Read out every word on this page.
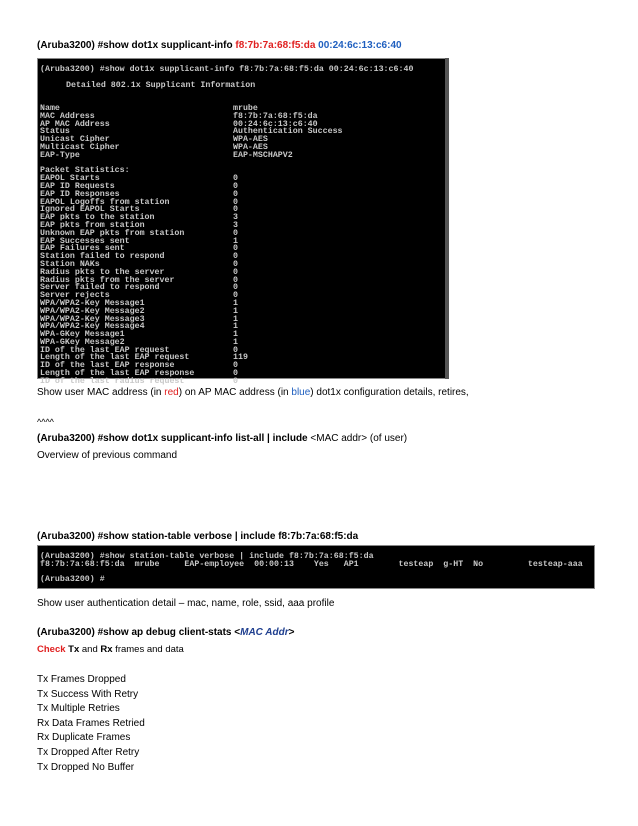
(Aruba3200) #show dot1x supplicant-info f8:7b:7a:68:f5:da 00:24:6c:13:c6:40
(Aruba3200) #show dot1x supplicant-info f8:7b:7a:68:f5:da 00:24:6c:13:c6:40

Detailed 802.1x Supplicant Information

Name	mrube
MAC Address	f8:7b:7a:68:f5:da
AP MAC Address	00:24:6c:13:c6:40
Status	Authentication Success
Unicast Cipher	WPA-AES
Multicast Cipher	WPA-AES
EAP-Type	EAP-MSCHAPV2

Packet Statistics:
EAPOL Starts	0
EAP ID Requests	0
EAP ID Responses	0
EAPOL Logoffs from station	0
Ignored EAPOL Starts	0
EAP pkts to the station	3
EAP pkts from station	3
Unknown EAP pkts from station	0
EAP Successes sent	1
EAP Failures sent	0
Station failed to respond	0
Station NAKs	0
Radius pkts to the server	0
Radius pkts from the server	0
Server failed to respond	0
Server rejects	0
WPA/WPA2-Key Message1	1
WPA/WPA2-Key Message2	1
WPA/WPA2-Key Message3	1
WPA/WPA2-Key Message4	1
WPA-GKey Message1	1
WPA-GKey Message2	1
ID of the last EAP request	0
Length of the last EAP request	119
ID of the last EAP response	0
Length of the last EAP response	0
ID of the last radius request	0
Show user MAC address (in red) on AP MAC address (in blue) dot1x configuration details, retires,
^^^^
(Aruba3200) #show dot1x supplicant-info list-all | include <MAC addr> (of user)
Overview of previous command
(Aruba3200) #show station-table verbose | include f8:7b:7a:68:f5:da
(Aruba3200) #show station-table verbose | include f8:7b:7a:68:f5:da
f8:7b:7a:68:f5:da  mrube     EAP-employee  00:00:13    Yes   AP1        testeap  g-HT  No         testeap-aaa

(Aruba3200) #
Show user authentication detail – mac, name, role, ssid, aaa profile
(Aruba3200) #show ap debug client-stats <MAC Addr>
Check Tx and Rx frames and data
Tx Frames Dropped
Tx Success With Retry
Tx Multiple Retries
Rx Data Frames Retried
Rx Duplicate Frames
Tx Dropped After Retry
Tx Dropped No Buffer
